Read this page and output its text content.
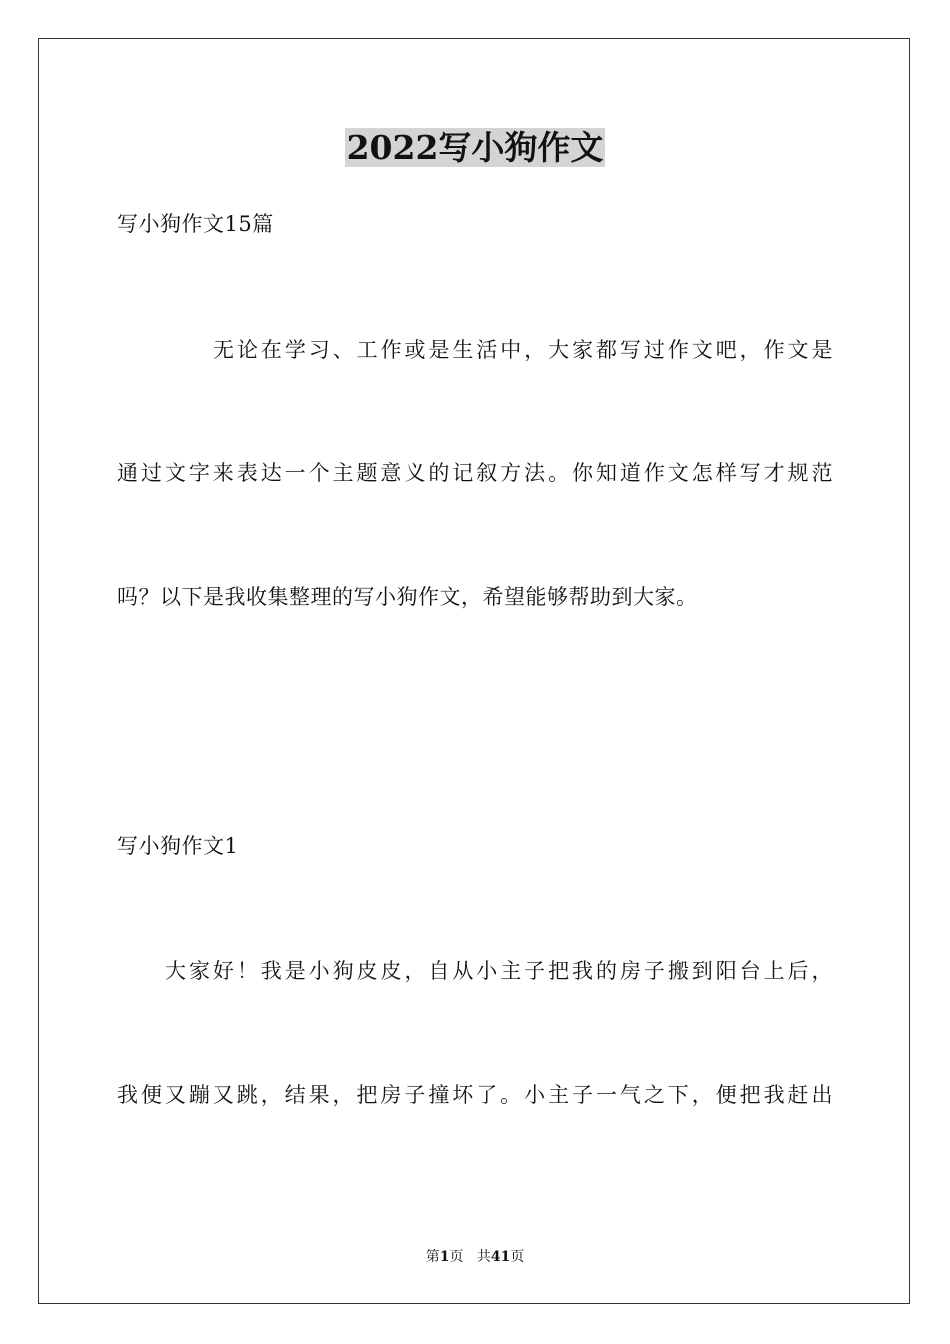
2022写小狗作文
写小狗作文15篇
无论在学习、工作或是生活中，大家都写过作文吧，作文是
通过文字来表达一个主题意义的记叙方法。你知道作文怎样写才规范
吗？以下是我收集整理的写小狗作文，希望能够帮助到大家。
写小狗作文1
大家好！我是小狗皮皮，自从小主子把我的房子搬到阳台上后，
我便又蹦又跳，结果，把房子撞坏了。小主子一气之下，便把我赶出
第1页 共41页
